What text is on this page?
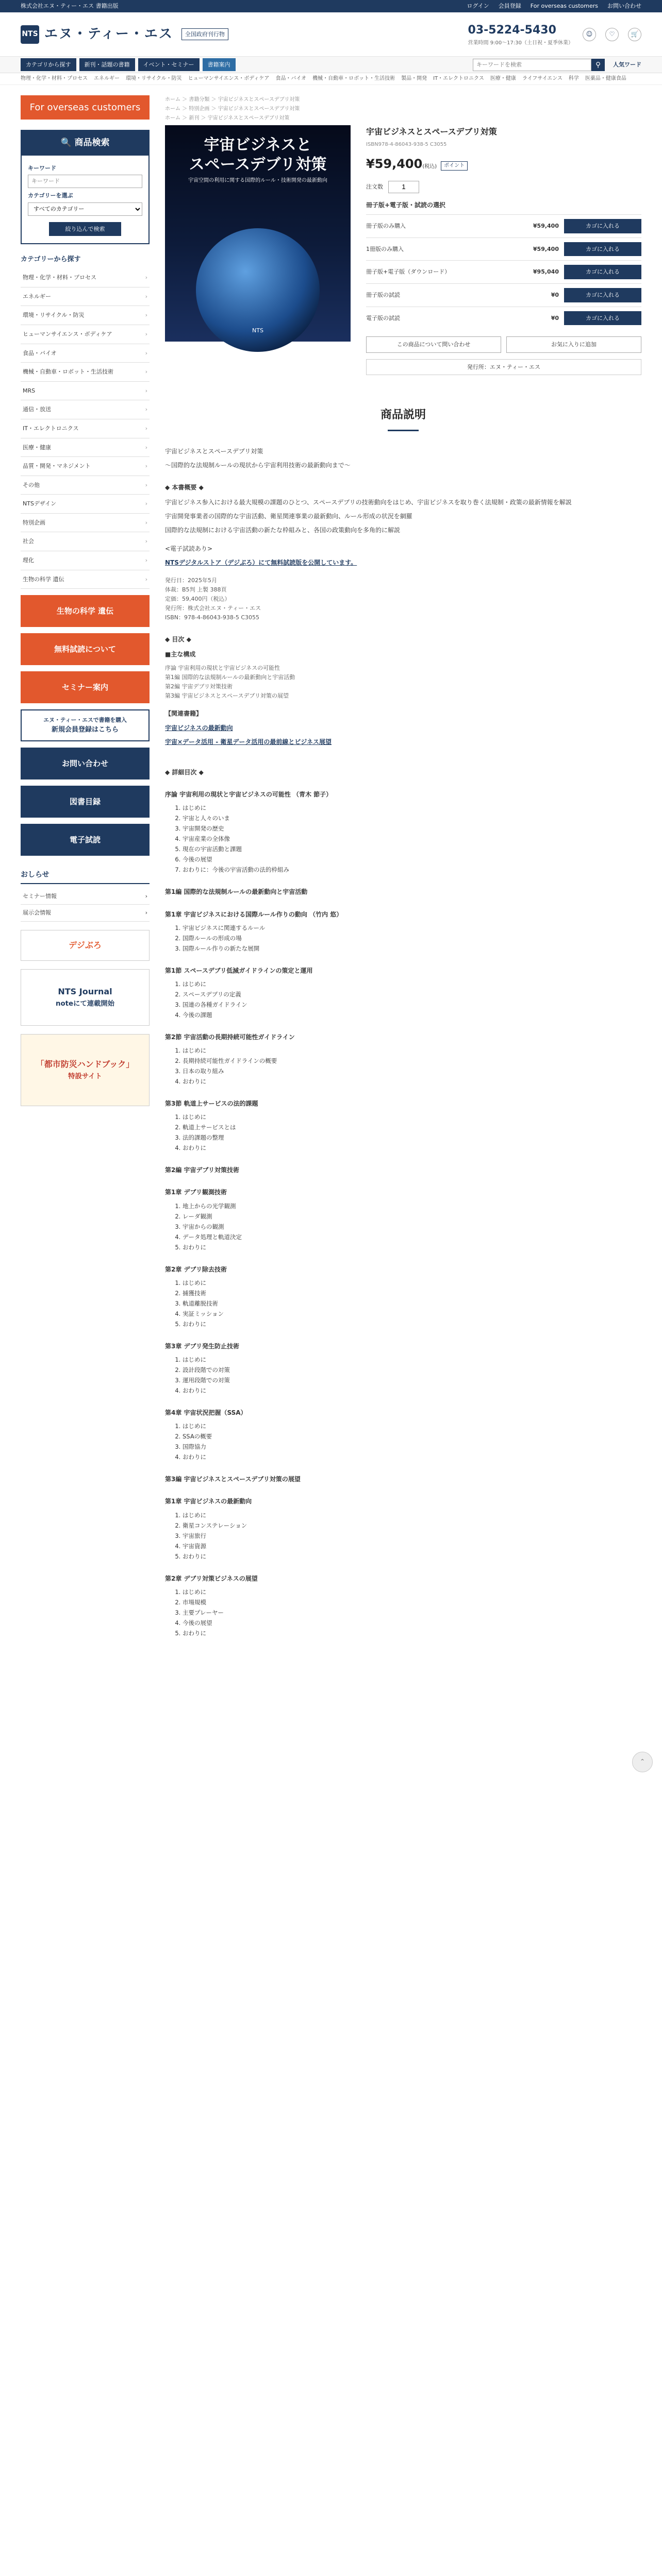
株式会社エヌ・ティー・エス 書籍出版	ログイン 会員登録 For overseas customers お問い合わせ
NTS エヌ・ティー・エス	全国政府刊行物	03-5224-5430
営業時間 9:00〜17:30（土日祝・夏季休業）
☺	♡	🛒
カテゴリから探す	新刊・話題の書籍	イベント・セミナー	書籍案内
キーワードを検索	⚲	人気ワード
物理・化学・材料・プロセス エネルギー 環境・リサイクル・防災 ヒューマンサイエンス・ボディケア 食品・バイオ 機械・自動車・ロボット・生活技術 製品・開発 IT・エレクトロニクス 医療・健康 ライフサイエンス 科学 医薬品・健康食品
For overseas customers
🔍 商品検索
キーワード
キーワード
カテゴリーを選ぶ
すべてのカテゴリー
絞り込んで検索
カテゴリーから探す
物理・化学・材料・プロセス	›
エネルギー	›
環境・リサイクル・防災	›
ヒューマンサイエンス・ボディケア	›
食品・バイオ	›
機械・自動車・ロボット・生活技術	›
MRS	›
通信・放送	›
IT・エレクトロニクス	›
医療・健康	›
品質・開発・マネジメント	›
その他	›
NTSデザイン	›
特別企画	›
社会	›
理化	›
生物の科学 遺伝	›
生物の科学 遺伝
無料試読について
セミナー案内
エヌ・ティー・エスで書籍を購入
新規会員登録はこちら
お問い合わせ
図書目録
電子試読
おしらせ
セミナー情報	›
展示会情報	›
デジぶろ
NTS Journal
noteにて連載開始
「都市防災ハンドブック」
特設サイト
ホーム ＞ 書籍分類 ＞ 宇宙ビジネスとスペースデブリ対策
ホーム ＞ 特別企画 ＞ 宇宙ビジネスとスペースデブリ対策
ホーム ＞ 新刊 ＞ 宇宙ビジネスとスペースデブリ対策
宇宙ビジネスと
スペースデブリ対策
宇宙空間の利用に関する国際的ルール・技術開発の最新動向
NTS
宇宙ビジネスとスペースデブリ対策
ISBN978-4-86043-938-5 C3055
¥59,400(税込) ポイント
注文数
1
冊子版+電子版・試読の選択
冊子版のみ購入	¥59,400	カゴに入れる
1冊版のみ購入	¥59,400	カゴに入れる
冊子版+電子版（ダウンロード）	¥95,040	カゴに入れる
冊子版の試読	¥0	カゴに入れる
電子版の試読	¥0	カゴに入れる
この商品について問い合わせ	お気に入りに追加
発行所：エヌ・ティー・エス
商品説明

宇宙ビジネスとスペースデブリ対策

〜国際的な法規制ルールの現状から宇宙利用技術の最新動向まで〜

◆ 本書概要 ◆

宇宙ビジネス参入における最大規模の課題のひとつ、スペースデブリの技術動向をはじめ、宇宙ビジネスを取り巻く法規制・政策の最新情報を解説

宇宙開発事業者の国際的な宇宙活動、衛星関連事業の最新動向、ルール形成の状況を網羅

国際的な法規制における宇宙活動の新たな枠組みと、各国の政策動向を多角的に解説

<電子試読あり>

NTSデジタルストア（デジぶろ）にて無料試読版を公開しています。

発行日：2025年5月
体裁：B5判 上製 388頁
定価：59,400円（税込）
発行所：株式会社エヌ・ティー・エス
ISBN：978-4-86043-938-5 C3055

◆ 目次 ◆

■主な構成

序論 宇宙利用の現状と宇宙ビジネスの可能性
第1編 国際的な法規制ルールの最新動向と宇宙活動
第2編 宇宙デブリ対策技術
第3編 宇宙ビジネスとスペースデブリ対策の展望

【関連書籍】

宇宙ビジネスの最新動向

宇宙×データ活用 - 衛星データ活用の最前線とビジネス展望

◆ 詳細目次 ◆

序論 宇宙利用の現状と宇宙ビジネスの可能性 （青木 節子）
1. はじめに
2. 宇宙と人々のいま
3. 宇宙開発の歴史
4. 宇宙産業の全体像
5. 現在の宇宙活動と課題
6. 今後の展望
7. おわりに：今後の宇宙活動の法的枠組み
第1編 国際的な法規制ルールの最新動向と宇宙活動
第1章 宇宙ビジネスにおける国際ルール作りの動向 （竹内 悠）
1. 宇宙ビジネスに関連するルール
2. 国際ルールの形成の場
3. 国際ルール作りの新たな展開
第1節 スペースデブリ低減ガイドラインの策定と運用
1. はじめに
2. スペースデブリの定義
3. 国連の各種ガイドライン
4. 今後の課題
第2節 宇宙活動の長期持続可能性ガイドライン
1. はじめに
2. 長期持続可能性ガイドラインの概要
3. 日本の取り組み
4. おわりに
第3節 軌道上サービスの法的課題
1. はじめに
2. 軌道上サービスとは
3. 法的課題の整理
4. おわりに
第2編 宇宙デブリ対策技術
第1章 デブリ観測技術
1. 地上からの光学観測
2. レーダ観測
3. 宇宙からの観測
4. データ処理と軌道決定
5. おわりに
第2章 デブリ除去技術
1. はじめに
2. 捕獲技術
3. 軌道離脱技術
4. 実証ミッション
5. おわりに
第3章 デブリ発生防止技術
1. はじめに
2. 設計段階での対策
3. 運用段階での対策
4. おわりに
第4章 宇宙状況把握（SSA）
1. はじめに
2. SSAの概要
3. 国際協力
4. おわりに
第3編 宇宙ビジネスとスペースデブリ対策の展望
第1章 宇宙ビジネスの最新動向
1. はじめに
2. 衛星コンステレーション
3. 宇宙旅行
4. 宇宙資源
5. おわりに
第2章 デブリ対策ビジネスの展望
1. はじめに
2. 市場規模
3. 主要プレーヤー
4. 今後の展望
5. おわりに
⌃
